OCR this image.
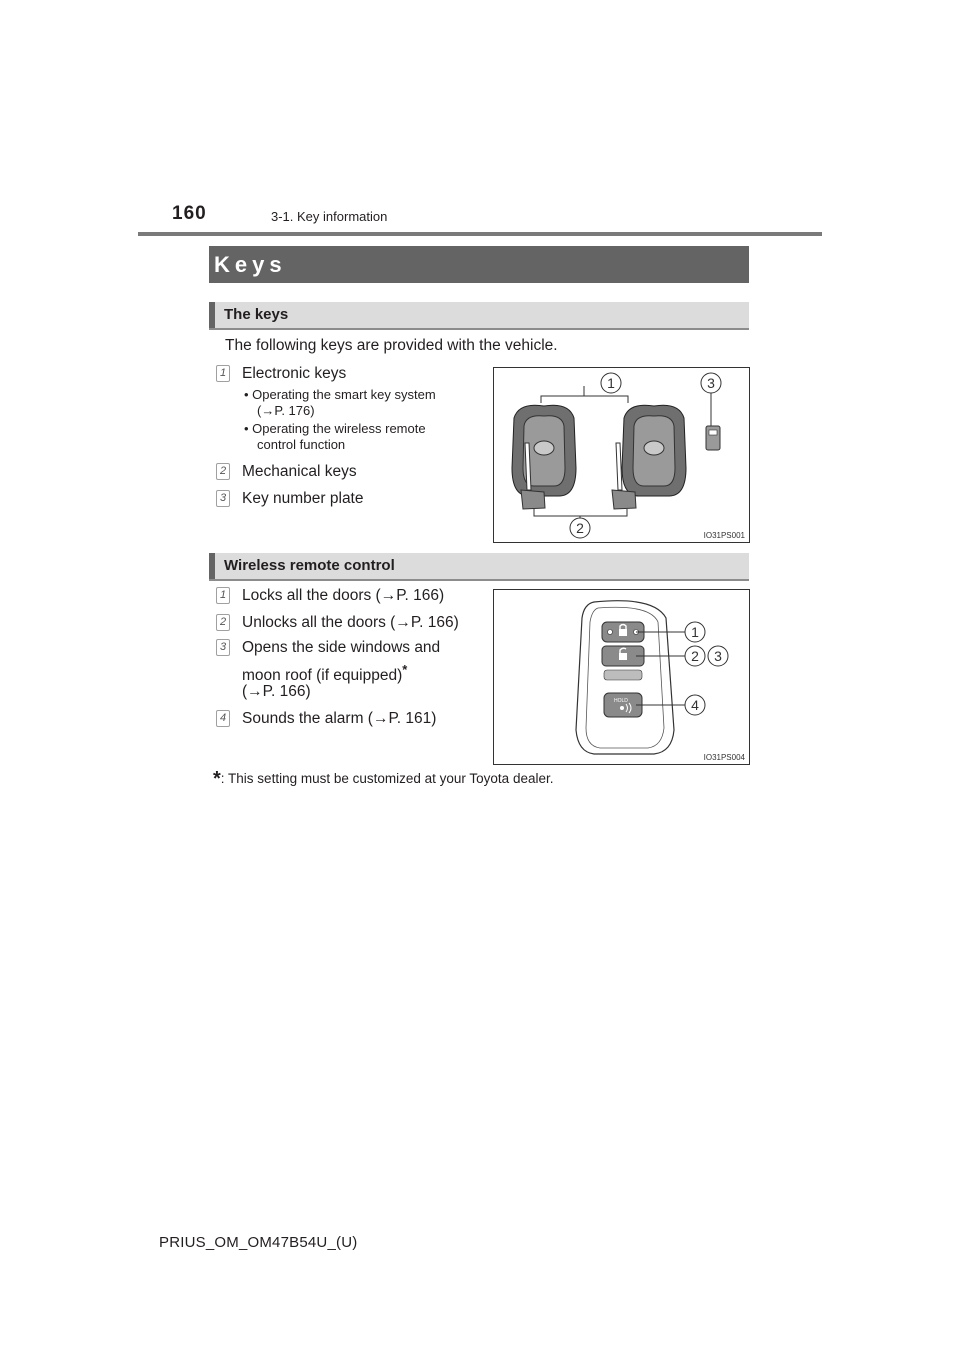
160	3-1. Key information
Keys
The keys
The following keys are provided with the vehicle.
1 Electronic keys
• Operating the smart key system
(→P. 176)
• Operating the wireless remote
control function
2 Mechanical keys
3 Key number plate
1	3
2	IO31PS001
Wireless remote control
1 Locks all the doors (→P. 166)
2 Unlocks all the doors (→P. 166)
3 Opens the side windows and
moon roof (if equipped)*
(→P. 166)
4 Sounds the alarm (→P. 161)
HOLD
1
2 3
4
IO31PS004
*: This setting must be customized at your Toyota dealer.
PRIUS_OM_OM47B54U_(U)
